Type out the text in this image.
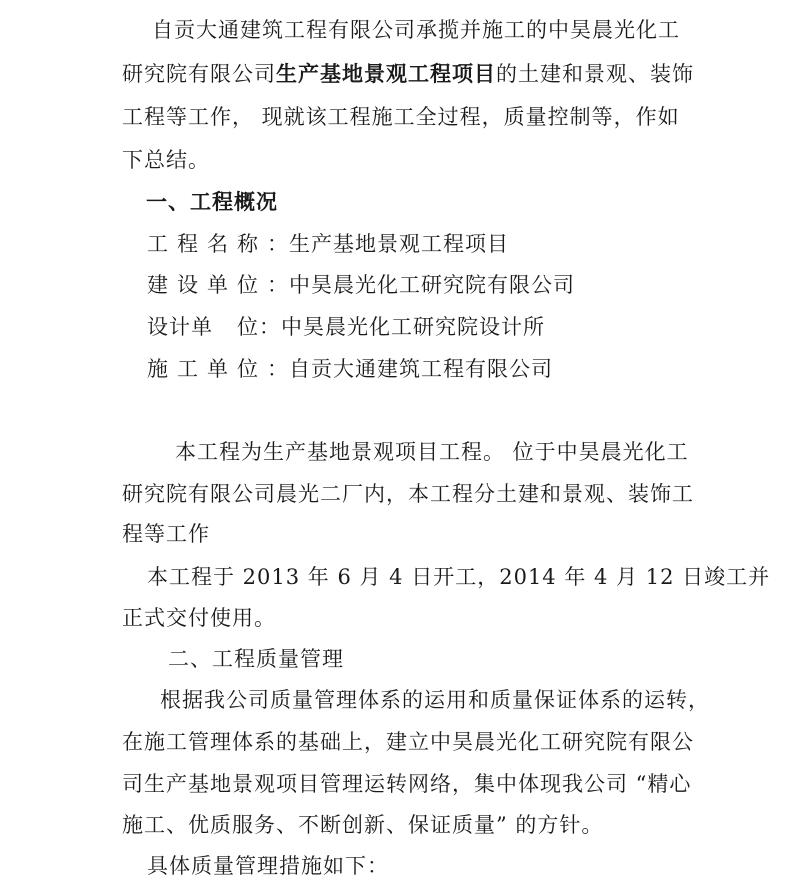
自贡大通建筑工程有限公司承揽并施工的中昊晨光化工
研究院有限公司生产基地景观工程项目的土建和景观、装饰
工程等工作， 现就该工程施工全过程，质量控制等，作如
下总结。
一、工程概况
工程名称：生产基地景观工程项目
建设单位：中昊晨光化工研究院有限公司
设计单 位：中昊晨光化工研究院设计所
施工单位：自贡大通建筑工程有限公司
本工程为生产基地景观项目工程。 位于中昊晨光化工
研究院有限公司晨光二厂内，本工程分土建和景观、装饰工
程等工作
本工程于 2013 年 6 月 4 日开工，2014 年 4 月 12 日竣工并
正式交付使用。
二、工程质量管理
根据我公司质量管理体系的运用和质量保证体系的运转，
在施工管理体系的基础上，建立中昊晨光化工研究院有限公
司生产基地景观项目管理运转网络，集中体现我公司 “精心
施工、优质服务、不断创新、保证质量” 的方针。
具体质量管理措施如下：
